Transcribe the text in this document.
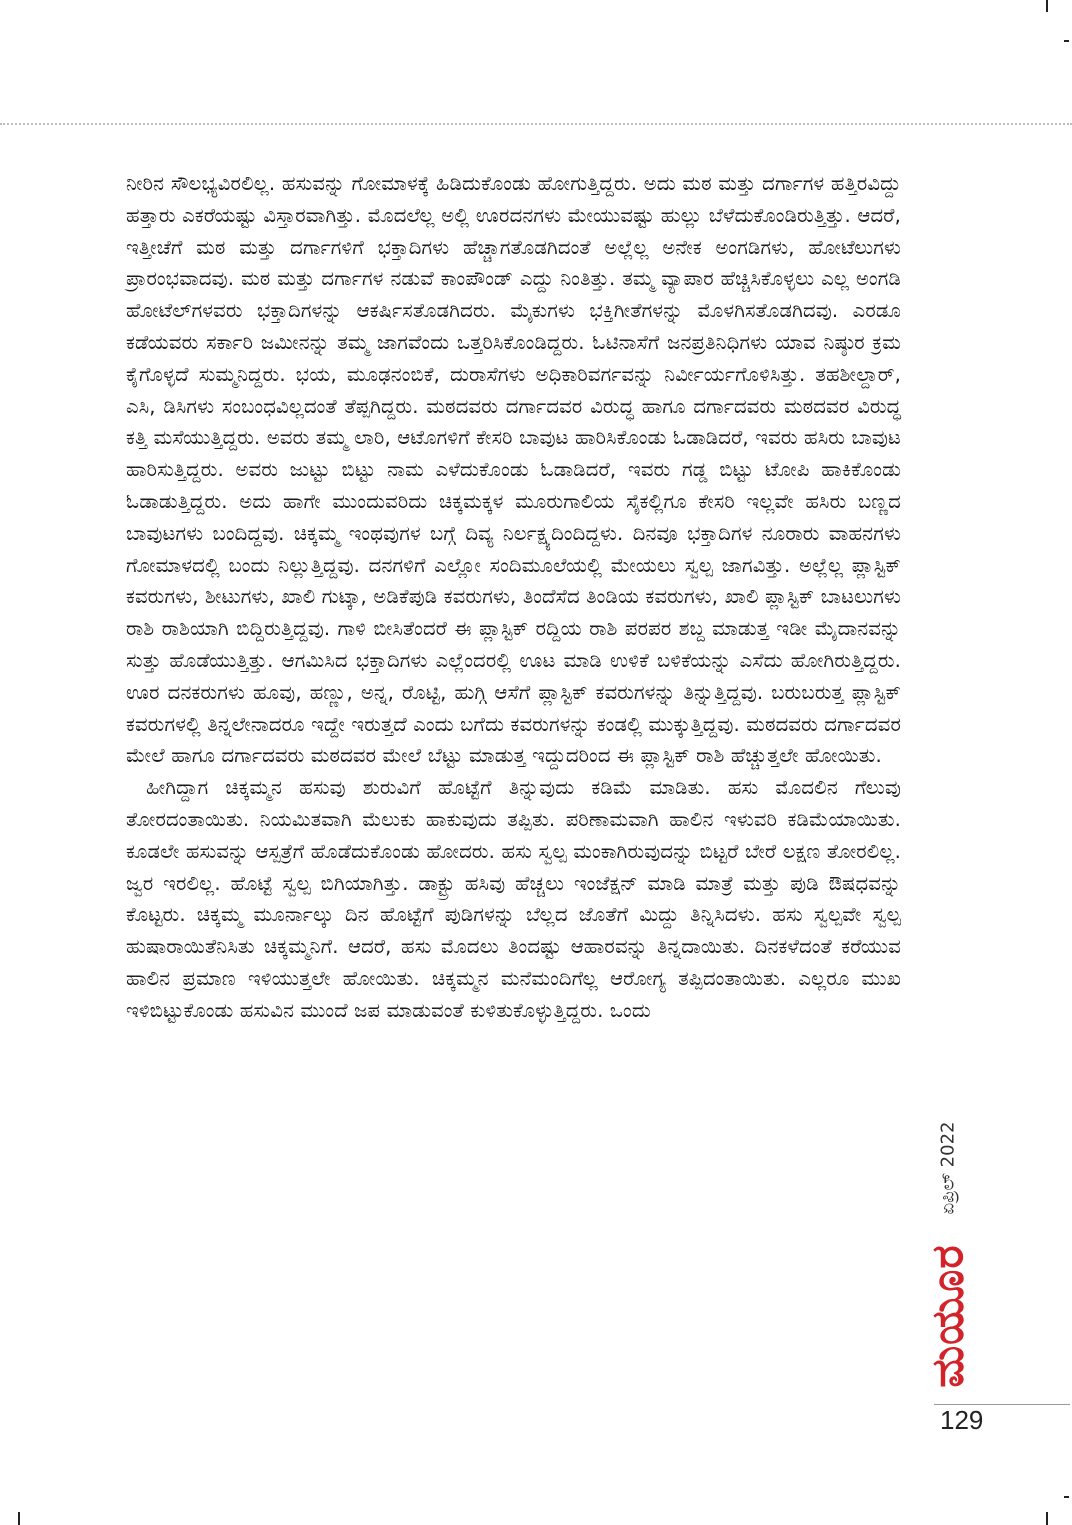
ನೀರಿನ ಸೌಲಭ್ಯವಿರಲಿಲ್ಲ. ಹಸುವನ್ನು ಗೋಮಾಳಕ್ಕೆ ಹಿಡಿದುಕೊಂಡು ಹೋಗುತ್ತಿದ್ದರು. ಅದು ಮಠ ಮತ್ತು ದರ್ಗಾಗಳ ಹತ್ತಿರವಿದ್ದು ಹತ್ತಾರು ಎಕರೆಯಷ್ಟು ವಿಸ್ತಾರವಾಗಿತ್ತು. ಮೊದಲೆಲ್ಲ ಅಲ್ಲಿ ಊರದನಗಳು ಮೇಯುವಷ್ಟು ಹುಲ್ಲು ಬೆಳೆದುಕೊಂಡಿರುತ್ತಿತ್ತು. ಆದರೆ, ಇತ್ತೀಚೆಗೆ ಮಠ ಮತ್ತು ದರ್ಗಾಗಳಿಗೆ ಭಕ್ತಾದಿಗಳು ಹೆಚ್ಚಾಗತೊಡಗಿದಂತೆ ಅಲ್ಲೆಲ್ಲ ಅನೇಕ ಅಂಗಡಿಗಳು, ಹೋಟೆಲುಗಳು ಪ್ರಾರಂಭವಾದವು. ಮಠ ಮತ್ತು ದರ್ಗಾಗಳ ನಡುವೆ ಕಾಂಪೌಂಡ್ ಎದ್ದು ನಿಂತಿತ್ತು. ತಮ್ಮ ವ್ಯಾಪಾರ ಹೆಚ್ಚಿಸಿಕೊಳ್ಳಲು ಎಲ್ಲ ಅಂಗಡಿ ಹೋಟೆಲ್‌ಗಳವರು ಭಕ್ತಾದಿಗಳನ್ನು ಆಕರ್ಷಿಸತೊಡಗಿದರು. ಮೈಕುಗಳು ಭಕ್ತಿಗೀತೆಗಳನ್ನು ಮೊಳಗಿಸತೊಡಗಿದವು. ಎರಡೂ ಕಡೆಯವರು ಸರ್ಕಾರಿ ಜಮೀನನ್ನು ತಮ್ಮ ಜಾಗವೆಂದು ಒತ್ತರಿಸಿಕೊಂಡಿದ್ದರು. ಓಟಿನಾಸೆಗೆ ಜನಪ್ರತಿನಿಧಿಗಳು ಯಾವ ನಿಷ್ಠುರ ಕ್ರಮ ಕೈಗೊಳ್ಳದೆ ಸುಮ್ಮನಿದ್ದರು. ಭಯ, ಮೂಢನಂಬಿಕೆ, ದುರಾಸೆಗಳು ಅಧಿಕಾರಿವರ್ಗವನ್ನು ನಿರ್ವೀರ್ಯಗೊಳಿಸಿತ್ತು. ತಹಶೀಲ್ದಾರ್, ಎಸಿ, ಡಿಸಿಗಳು ಸಂಬಂಧವಿಲ್ಲದಂತೆ ತೆಪ್ಪಗಿದ್ದರು. ಮಠದವರು ದರ್ಗಾದವರ ವಿರುದ್ಧ ಹಾಗೂ ದರ್ಗಾದವರು ಮಠದವರ ವಿರುದ್ಧ ಕತ್ತಿ ಮಸೆಯುತ್ತಿದ್ದರು. ಅವರು ತಮ್ಮ ಲಾರಿ, ಆಟೊಗಳಿಗೆ ಕೇಸರಿ ಬಾವುಟ ಹಾರಿಸಿಕೊಂಡು ಓಡಾಡಿದರೆ, ಇವರು ಹಸಿರು ಬಾವುಟ ಹಾರಿಸುತ್ತಿದ್ದರು. ಅವರು ಜುಟ್ಟು ಬಿಟ್ಟು ನಾಮ ಎಳೆದುಕೊಂಡು ಓಡಾಡಿದರೆ, ಇವರು ಗಡ್ಡ ಬಿಟ್ಟು ಟೋಪಿ ಹಾಕಿಕೊಂಡು ಓಡಾಡುತ್ತಿದ್ದರು. ಅದು ಹಾಗೇ ಮುಂದುವರಿದು ಚಿಕ್ಕಮಕ್ಕಳ ಮೂರುಗಾಲಿಯ ಸೈಕಲ್ಲಿಗೂ ಕೇಸರಿ ಇಲ್ಲವೇ ಹಸಿರು ಬಣ್ಣದ ಬಾವುಟಗಳು ಬಂದಿದ್ದವು. ಚಿಕ್ಕಮ್ಮ ಇಂಥವುಗಳ ಬಗ್ಗೆ ದಿವ್ಯ ನಿರ್ಲಕ್ಷ್ಯದಿಂದಿದ್ದಳು. ದಿನವೂ ಭಕ್ತಾದಿಗಳ ನೂರಾರು ವಾಹನಗಳು ಗೋಮಾಳದಲ್ಲಿ ಬಂದು ನಿಲ್ಲುತ್ತಿದ್ದವು. ದನಗಳಿಗೆ ಎಲ್ಲೋ ಸಂದಿಮೂಲೆಯಲ್ಲಿ ಮೇಯಲು ಸ್ವಲ್ಪ ಜಾಗವಿತ್ತು. ಅಲ್ಲೆಲ್ಲ ಪ್ಲಾಸ್ಟಿಕ್ ಕವರುಗಳು, ಶೀಟುಗಳು, ಖಾಲಿ ಗುಟ್ಕಾ, ಅಡಿಕೆಪುಡಿ ಕವರುಗಳು, ತಿಂದೆಸೆದ ತಿಂಡಿಯ ಕವರುಗಳು, ಖಾಲಿ ಪ್ಲಾಸ್ಟಿಕ್ ಬಾಟಲುಗಳು ರಾಶಿ ರಾಶಿಯಾಗಿ ಬಿದ್ದಿರುತ್ತಿದ್ದವು. ಗಾಳಿ ಬೀಸಿತೆಂದರೆ ಈ ಪ್ಲಾಸ್ಟಿಕ್ ರದ್ದಿಯ ರಾಶಿ ಪರಪರ ಶಬ್ದ ಮಾಡುತ್ತ ಇಡೀ ಮೈದಾನವನ್ನು ಸುತ್ತು ಹೊಡೆಯುತ್ತಿತ್ತು. ಆಗಮಿಸಿದ ಭಕ್ತಾದಿಗಳು ಎಲ್ಲೆಂದರಲ್ಲಿ ಊಟ ಮಾಡಿ ಉಳಿಕೆ ಬಳಿಕೆಯನ್ನು ಎಸೆದು ಹೋಗಿರುತ್ತಿದ್ದರು. ಊರ ದನಕರುಗಳು ಹೂವು, ಹಣ್ಣು, ಅನ್ನ, ರೊಟ್ಟಿ, ಹುಗ್ಗಿ ಆಸೆಗೆ ಪ್ಲಾಸ್ಟಿಕ್ ಕವರುಗಳನ್ನು ತಿನ್ನುತ್ತಿದ್ದವು. ಬರುಬರುತ್ತ ಪ್ಲಾಸ್ಟಿಕ್ ಕವರುಗಳಲ್ಲಿ ತಿನ್ನಲೇನಾದರೂ ಇದ್ದೇ ಇರುತ್ತದೆ ಎಂದು ಬಗೆದು ಕವರುಗಳನ್ನು ಕಂಡಲ್ಲಿ ಮುಕ್ಕುತ್ತಿದ್ದವು. ಮಠದವರು ದರ್ಗಾದವರ ಮೇಲೆ ಹಾಗೂ ದರ್ಗಾದವರು ಮಠದವರ ಮೇಲೆ ಬೆಟ್ಟು ಮಾಡುತ್ತ ಇದ್ದುದರಿಂದ ಈ ಪ್ಲಾಸ್ಟಿಕ್ ರಾಶಿ ಹೆಚ್ಚುತ್ತಲೇ ಹೋಯಿತು.

ಹೀಗಿದ್ದಾಗ ಚಿಕ್ಕಮ್ಮನ ಹಸುವು ಶುರುವಿಗೆ ಹೊಟ್ಟೆಗೆ ತಿನ್ನುವುದು ಕಡಿಮೆ ಮಾಡಿತು. ಹಸು ಮೊದಲಿನ ಗೆಲುವು ತೋರದಂತಾಯಿತು. ನಿಯಮಿತವಾಗಿ ಮೆಲುಕು ಹಾಕುವುದು ತಪ್ಪಿತು. ಪರಿಣಾಮವಾಗಿ ಹಾಲಿನ ಇಳುವರಿ ಕಡಿಮೆಯಾಯಿತು. ಕೂಡಲೇ ಹಸುವನ್ನು ಆಸ್ಪತ್ರೆಗೆ ಹೊಡೆದುಕೊಂಡು ಹೋದರು. ಹಸು ಸ್ವಲ್ಪ ಮಂಕಾಗಿರುವುದನ್ನು ಬಿಟ್ಟರೆ ಬೇರೆ ಲಕ್ಷಣ ತೋರಲಿಲ್ಲ. ಜ್ವರ ಇರಲಿಲ್ಲ. ಹೊಟ್ಟೆ ಸ್ವಲ್ಪ ಬಿಗಿಯಾಗಿತ್ತು. ಡಾಕ್ಟ್ರು ಹಸಿವು ಹೆಚ್ಚಲು ಇಂಜೆಕ್ಷನ್ ಮಾಡಿ ಮಾತ್ರೆ ಮತ್ತು ಪುಡಿ ಔಷಧವನ್ನು ಕೊಟ್ಟರು. ಚಿಕ್ಕಮ್ಮ ಮೂರ್ನಾಲ್ಕು ದಿನ ಹೊಟ್ಟೆಗೆ ಪುಡಿಗಳನ್ನು ಬೆಲ್ಲದ ಜೊತೆಗೆ ಮಿದ್ದು ತಿನ್ನಿಸಿದಳು. ಹಸು ಸ್ವಲ್ಪವೇ ಸ್ವಲ್ಪ ಹುಷಾರಾಯಿತೆನಿಸಿತು ಚಿಕ್ಕಮ್ಮನಿಗೆ. ಆದರೆ, ಹಸು ಮೊದಲು ತಿಂದಷ್ಟು ಆಹಾರವನ್ನು ತಿನ್ನದಾಯಿತು. ದಿನಕಳೆದಂತೆ ಕರೆಯುವ ಹಾಲಿನ ಪ್ರಮಾಣ ಇಳಿಯುತ್ತಲೇ ಹೋಯಿತು. ಚಿಕ್ಕಮ್ಮನ ಮನೆಮಂದಿಗೆಲ್ಲ ಆರೋಗ್ಯ ತಪ್ಪಿದಂತಾಯಿತು. ಎಲ್ಲರೂ ಮುಖ ಇಳಿಬಿಟ್ಟುಕೊಂಡು ಹಸುವಿನ ಮುಂದೆ ಜಪ ಮಾಡುವಂತೆ ಕುಳಿತುಕೊಳ್ಳುತ್ತಿದ್ದರು. ಒಂದು

ಏಪ್ರಿಲ್ 2022
ಮಯೂರ
129
